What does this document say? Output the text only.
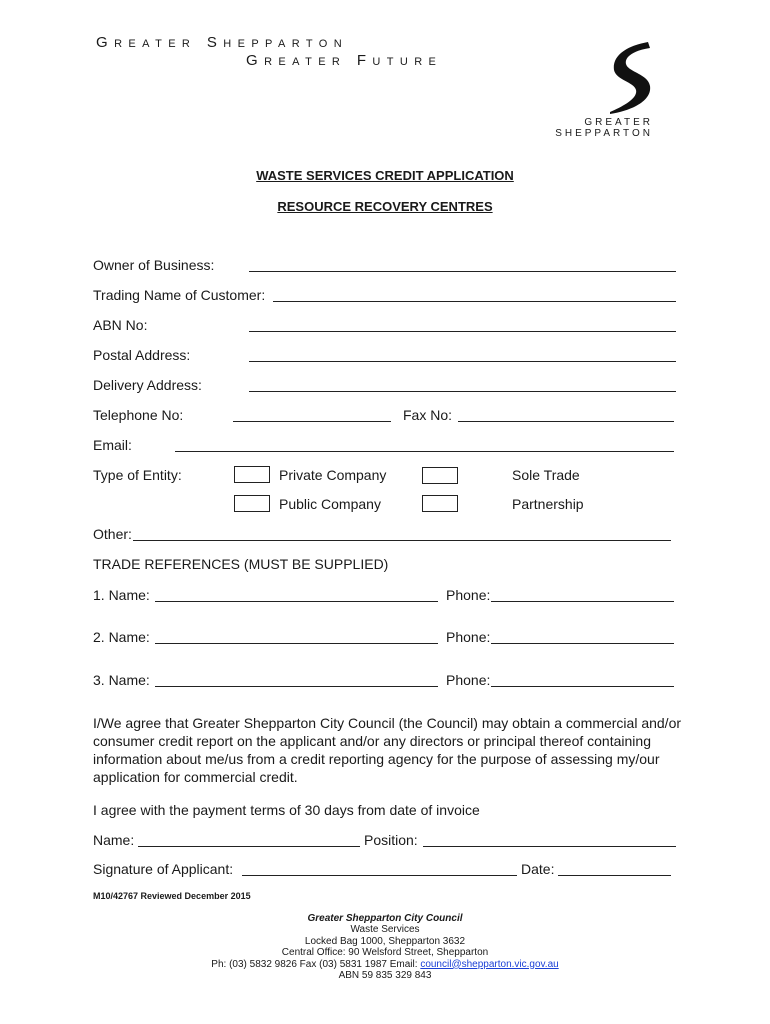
Greater Shepparton
Greater Future
GREATER
SHEPPARTON
WASTE SERVICES CREDIT APPLICATION
RESOURCE RECOVERY CENTRES
Owner of Business:
Trading Name of Customer:
ABN No:
Postal Address:
Delivery Address:
Telephone No:	Fax No:
Email:
Type of Entity:	Private Company	Sole Trade
Public Company	Partnership
Other:
TRADE REFERENCES (MUST BE SUPPLIED)
1. Name:	Phone:
2. Name:	Phone:
3. Name:	Phone:
I/We agree that Greater Shepparton City Council (the Council) may obtain a commercial and/or consumer credit report on the applicant and/or any directors or principal thereof containing information about me/us from a credit reporting agency for the purpose of assessing my/our application for commercial credit.
I agree with the payment terms of 30 days from date of invoice
Name:	Position:
Signature of Applicant:	Date:
M10/42767 Reviewed December 2015
Greater Shepparton City Council
Waste Services
Locked Bag 1000, Shepparton 3632
Central Office: 90 Welsford Street, Shepparton
Ph: (03) 5832 9826 Fax (03) 5831 1987 Email: council@shepparton.vic.gov.au
ABN 59 835 329 843
